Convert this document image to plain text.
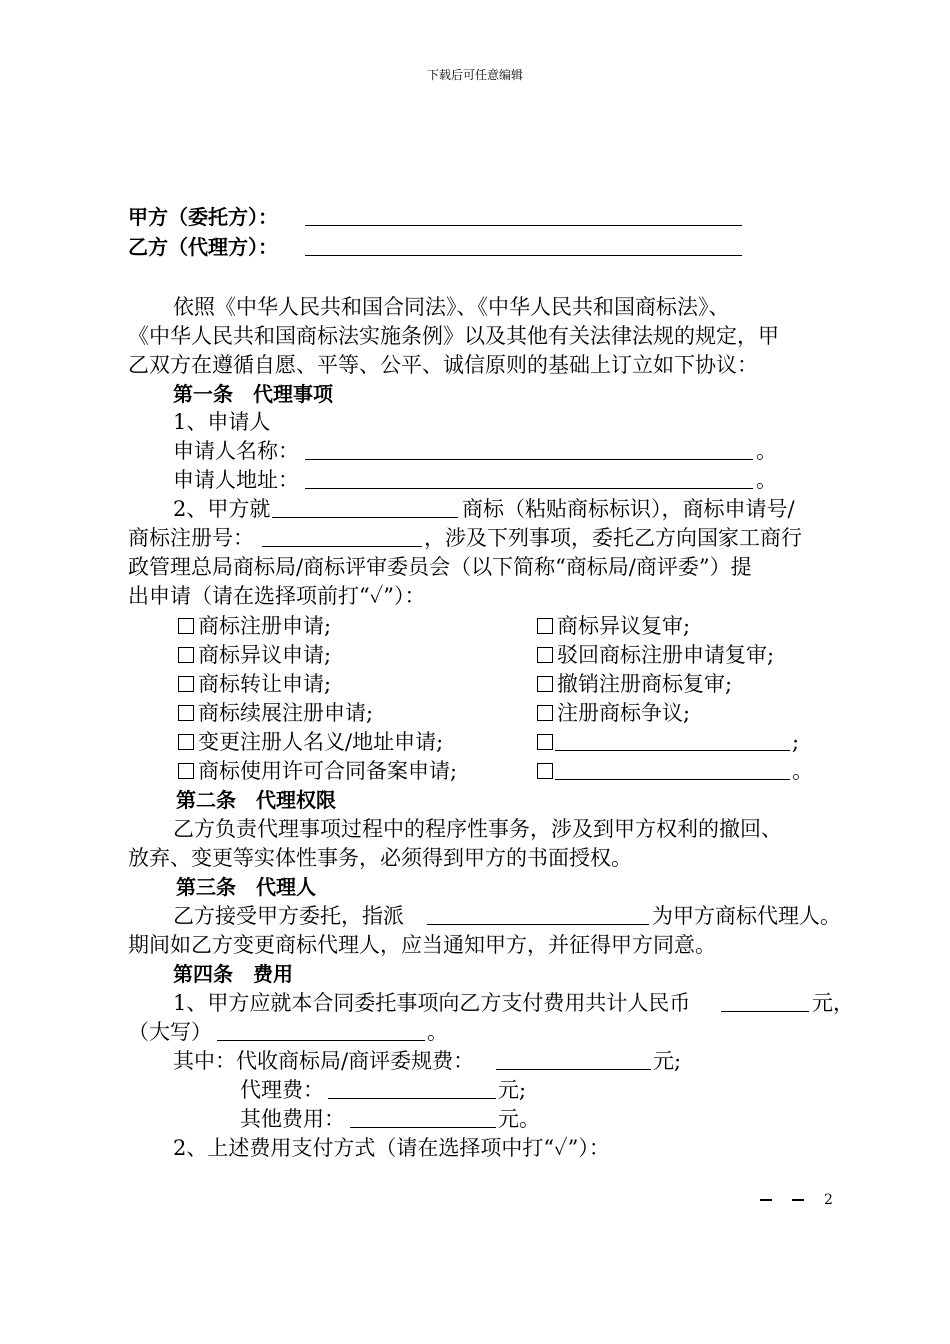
下载后可任意编辑
甲方（委托方）：
乙方（代理方）：
依照《中华人民共和国合同法》、《中华人民共和国商标法》、
《中华人民共和国商标法实施条例》以及其他有关法律法规的规定，甲
乙双方在遵循自愿、平等、公平、诚信原则的基础上订立如下协议：
第一条　代理事项
1、申请人
申请人名称：	。
申请人地址：	。
2、甲方就	商标（粘贴商标标识），商标申请号/
商标注册号：	，涉及下列事项，委托乙方向国家工商行
政管理总局商标局/商标评审委员会（以下简称“商标局/商评委”）提
出申请（请在选择项前打“✓”）：
商标注册申请;	商标异议复审;
商标异议申请;	驳回商标注册申请复审;
商标转让申请;	撤销注册商标复审;
商标续展注册申请;	注册商标争议;
变更注册人名义/地址申请;	;
商标使用许可合同备案申请;	。
第二条　代理权限
乙方负责代理事项过程中的程序性事务，涉及到甲方权利的撤回、
放弃、变更等实体性事务，必须得到甲方的书面授权。
第三条　代理人
乙方接受甲方委托，指派	为甲方商标代理人。
期间如乙方变更商标代理人，应当通知甲方，并征得甲方同意。
第四条　费用
1、甲方应就本合同委托事项向乙方支付费用共计人民币	元，
（大写）	。
其中：代收商标局/商评委规费：	元;
代理费：	元;
其他费用：	元。
2、上述费用支付方式（请在选择项中打“✓”）：
2
